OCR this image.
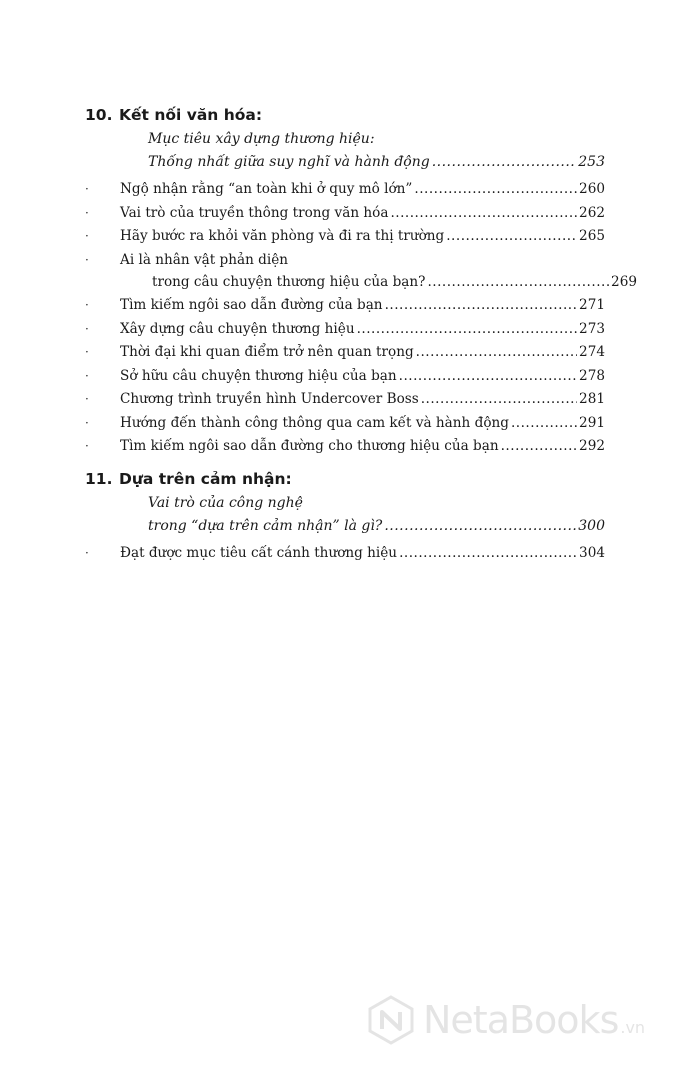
10. Kết nối văn hóa:
Mục tiêu xây dựng thương hiệu:
Thống nhất giữa suy nghĩ và hành động .....	253
·	Ngộ nhận rằng “an toàn khi ở quy mô lớn” .....	260
·	Vai trò của truyền thông trong văn hóa .....	262
·	Hãy bước ra khỏi văn phòng và đi ra thị trường .....	265
·	Ai là nhân vật phản diện
trong câu chuyện thương hiệu của bạn? .....	269
·	Tìm kiếm ngôi sao dẫn đường của bạn .....	271
·	Xây dựng câu chuyện thương hiệu .....	273
·	Thời đại khi quan điểm trở nên quan trọng .....	274
·	Sở hữu câu chuyện thương hiệu của bạn .....	278
·	Chương trình truyền hình Undercover Boss .....	281
·	Hướng đến thành công thông qua cam kết và hành động .....	291
·	Tìm kiếm ngôi sao dẫn đường cho thương hiệu của bạn .....	292
11. Dựa trên cảm nhận:
Vai trò của công nghệ
trong “dựa trên cảm nhận” là gì? .....	300
·	Đạt được mục tiêu cất cánh thương hiệu .....	304
NetaBooks .vn
